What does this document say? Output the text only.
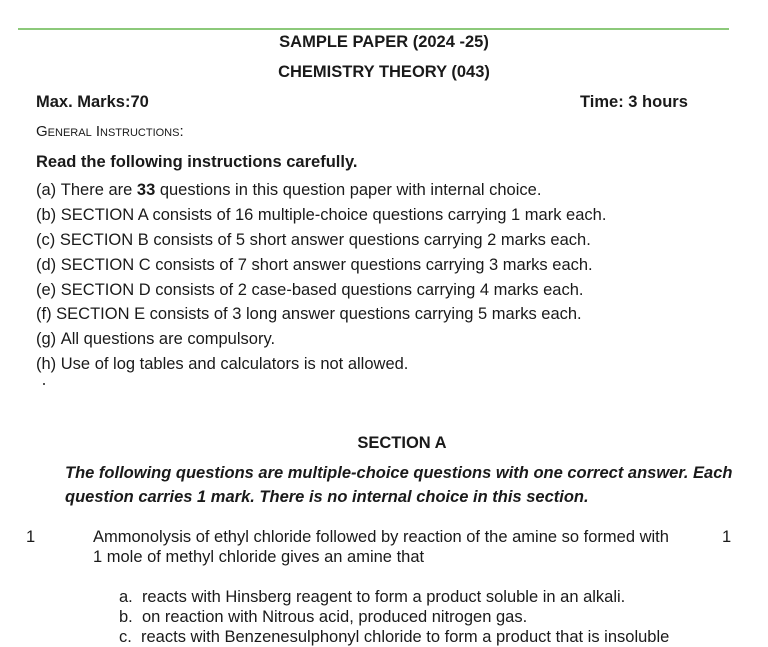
SAMPLE PAPER (2024 -25)
CHEMISTRY THEORY (043)
Max. Marks:70	Time: 3 hours
General Instructions:
Read the following instructions carefully.
(a) There are 33 questions in this question paper with internal choice.
(b) SECTION A consists of 16 multiple-choice questions carrying 1 mark each.
(c) SECTION B consists of 5 short answer questions carrying 2 marks each.
(d) SECTION C consists of 7 short answer questions carrying 3 marks each.
(e) SECTION D consists of 2 case-based questions carrying 4 marks each.
(f) SECTION E consists of 3 long answer questions carrying 5 marks each.
(g) All questions are compulsory.
(h) Use of log tables and calculators is not allowed.
SECTION A
The following questions are multiple-choice questions with one correct answer. Each
question carries 1 mark. There is no internal choice in this section.
1	Ammonolysis of ethyl chloride followed by reaction of the amine so formed with	1
1 mole of methyl chloride gives an amine that
a. reacts with Hinsberg reagent to form a product soluble in an alkali.
b. on reaction with Nitrous acid, produced nitrogen gas.
c. reacts with Benzenesulphonyl chloride to form a product that is insoluble
